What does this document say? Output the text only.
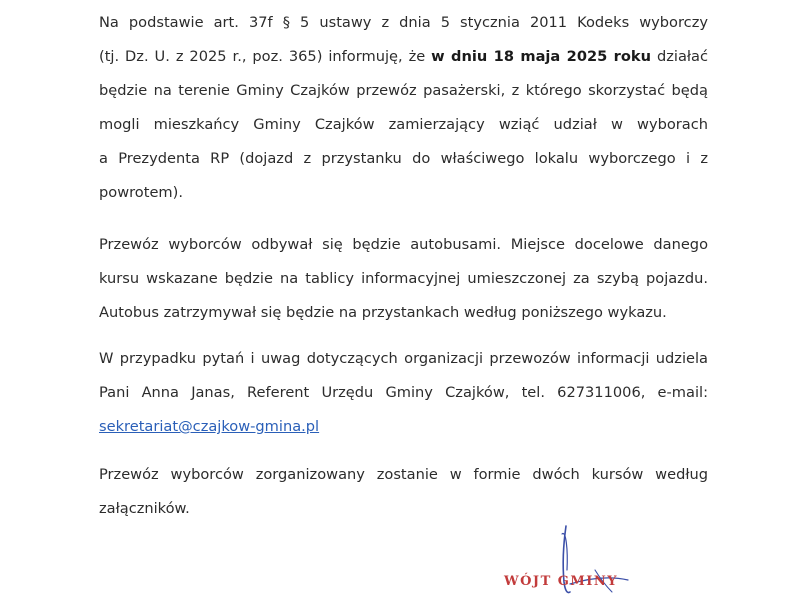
Na podstawie art. 37f § 5 ustawy z dnia 5 stycznia 2011 Kodeks wyborczy
(tj. Dz. U. z 2025 r., poz. 365) informuję, że w dniu 18 maja 2025 roku działać
będzie na terenie Gminy Czajków przewóz pasażerski, z którego skorzystać będą
mogli mieszkańcy Gminy Czajków zamierzający wziąć udział w wyborach
a Prezydenta RP (dojazd z przystanku do właściwego lokalu wyborczego i z
powrotem).

Przewóz wyborców odbywał się będzie autobusami. Miejsce docelowe danego
kursu wskazane będzie na tablicy informacyjnej umieszczonej za szybą pojazdu.
Autobus zatrzymywał się będzie na przystankach według poniższego wykazu.

W przypadku pytań i uwag dotyczących organizacji przewozów informacji udziela
Pani Anna Janas, Referent Urzędu Gminy Czajków, tel. 627311006, e-mail:
sekretariat@czajkow-gmina.pl

Przewóz wyborców zorganizowany zostanie w formie dwóch kursów według
załączników.

WÓJT GMINY
